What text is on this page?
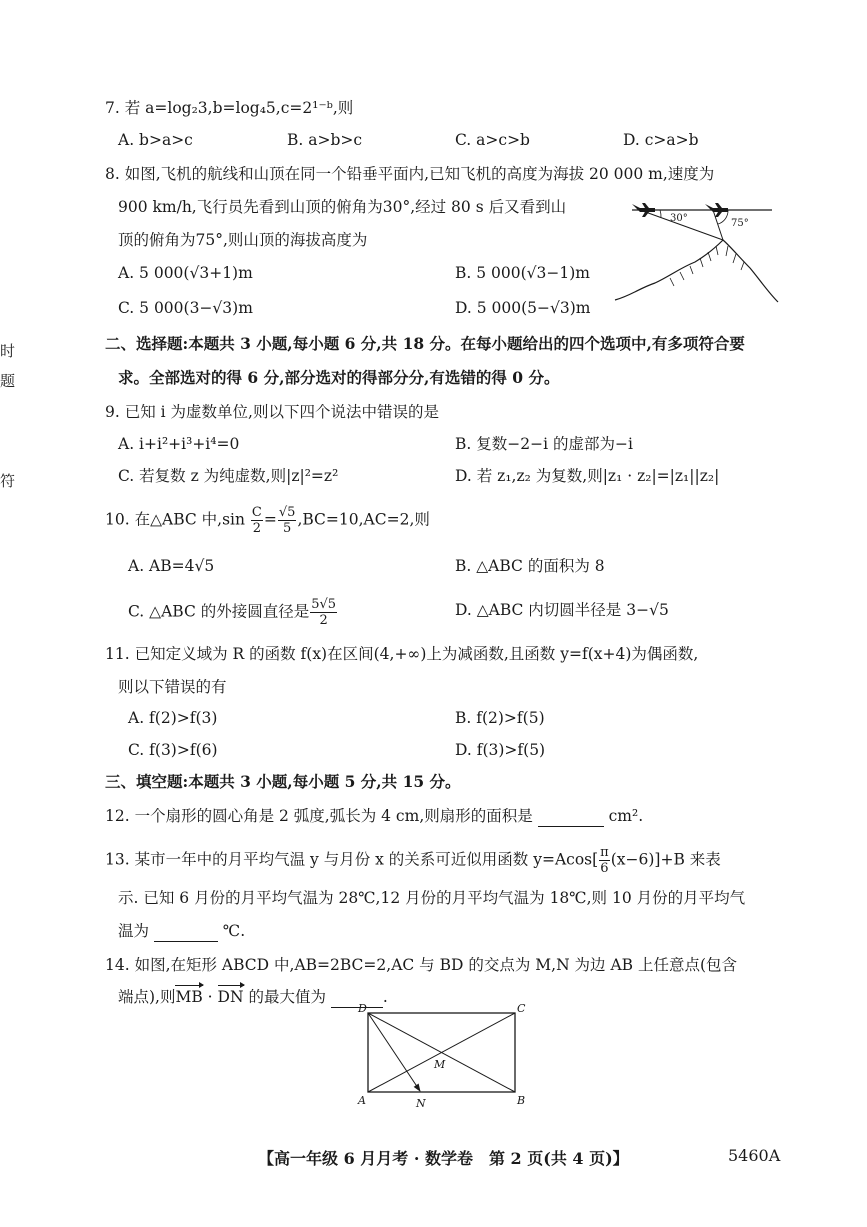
时
题
符
7. 若 a=log₂3,b=log₄5,c=2¹⁻ᵇ,则
A. b>a>c	B. a>b>c	C. a>c>b	D. c>a>b
8. 如图,飞机的航线和山顶在同一个铅垂平面内,已知飞机的高度为海拔 20 000 m,速度为
900 km/h,飞行员先看到山顶的俯角为30°,经过 80 s 后又看到山
顶的俯角为75°,则山顶的海拔高度为
A. 5 000(√3+1)m	B. 5 000(√3−1)m
C. 5 000(3−√3)m	D. 5 000(5−√3)m
30°	75°
二、选择题:本题共 3 小题,每小题 6 分,共 18 分。在每小题给出的四个选项中,有多项符合要
求。全部选对的得 6 分,部分选对的得部分分,有选错的得 0 分。
9. 已知 i 为虚数单位,则以下四个说法中错误的是
A. i+i²+i³+i⁴=0	B. 复数−2−i 的虚部为−i
C. 若复数 z 为纯虚数,则|z|²=z²	D. 若 z₁,z₂ 为复数,则|z₁ · z₂|=|z₁||z₂|
10. 在△ABC 中$,\sin \frac{C}{2} = \frac{√5}{5} ,BC=10,AC=2$,则
A. AB=4√5	B. △ABC 的面积为 8
C. △ABC 的外接圆直径是 $\frac{5√5}{2}$	D. △ABC 内切圆半径是 3−√5
11. 已知定义域为 R 的函数 f(x)在区间(4,+∞)上为减函数,且函数 y=f(x+4)为偶函数,
则以下错误的有
A. f(2)>f(3)	B. f(2)>f(5)
C. f(3)>f(6)	D. f(3)>f(5)
三、填空题:本题共 3 小题,每小题 5 分,共 15 分。
12. 一个扇形的圆心角是 2 弧度,弧长为 4 cm,则扇形的面积是	cm².
13. 某市一年中的月平均气温 y 与月份 x 的关系可近似用函数 $y=Acos[ \frac{\pi}{6} (x-6)]+B$ 来表
示. 已知 6 月份的月平均气温为 28℃,12 月份的月平均气温为 18℃,则 10 月份的月平均气
温为	℃.
14. 如图,在矩形 ABCD 中,AB=2BC=2,AC 与 BD 的交点为 M,N 为边 AB 上任意点(包含
端点),则MB · DN 的最大值为	.
D	C
A	B
M
N
【高一年级 6 月月考 · 数学卷　第 2 页(共 4 页)】	5460A
